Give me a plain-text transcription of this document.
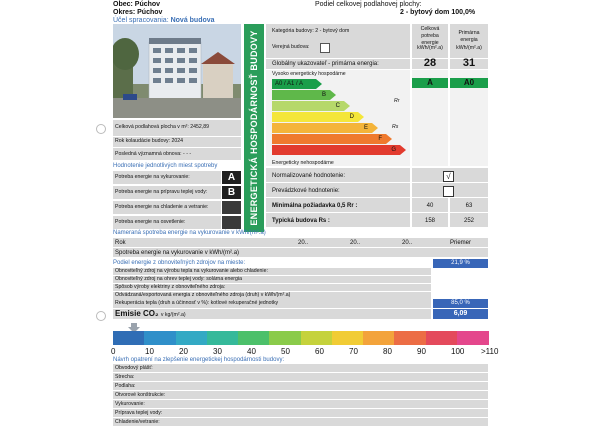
Obec: Púchov
Okres: Púchov
Účel spracovania: Nová budova
Podiel celkovej podlahovej plochy:
2 - bytový dom 100,0%
Celková podlahová plocha v m²: 2452,89
Rok kolaudácie budovy: 2024
Posledná významná obnova: - - -
Hodnotenie jednotlivých miest spotreby
Potreba energie na vykurovanie:	A
Potreba energie na prípravu teplej vody:	B
Potreba energie na chladenie a vetranie:
Potreba energie na osvetlenie:	ENERGETICKÁ HOSPODÁRNOSŤ BUDOVY	Kategória budovy: 2 - bytový dom
Verejná budova:
Celková potreba energie
kWh/(m².a)
Primárna energia
kWh/(m².a)
Globálny ukazovateľ - primárna energia:	28	31
Vysoko energeticky hospodárne
A0 / A1 / A
B
C
D
E
F
G
Rr
Rs
Energeticky nehospodárne
A	A0
Normalizované hodnotenie:	√
Prevádzkové hodnotenie:
Minimálna požiadavka 0,5 Rr :	40	63
Typická budova Rs :	158	252
Nameraná spotreba energie na vykurovanie v kWh/(m².a)
Rok	20..	20..	20..	Priemer
Spotreba energie na vykurovanie v kWh/(m².a)
Podiel energie z obnoviteľných zdrojov na mieste:	21,9 %
Obnoviteľný zdroj na výrobu tepla na vykurovanie alebo chladenie:
Obnoviteľný zdroj na ohrev teplej vody: solárna energia
Spôsob výroby elektriny z obnoviteľného zdroja:
Odvádzaná/exportovaná energia z obnoviteľného zdroja (druh) v kWh/(m².a)
Rekuperácia tepla (druh a účinnosť v %): kotlové rekuperačné jednotky	85,0 %
Emisie CO₂ v kg/(m².a)	6,09
0	10	20	30	40	50	60	70	80	90	100 >110
Návrh opatrení na zlepšenie energetickej hospodárnosti budovy:
Obvodový plášť:
Strecha:
Podlaha:
Otvorové konštrukcie:
Vykurovanie:
Príprava teplej vody:
Chladenie/vetranie:
